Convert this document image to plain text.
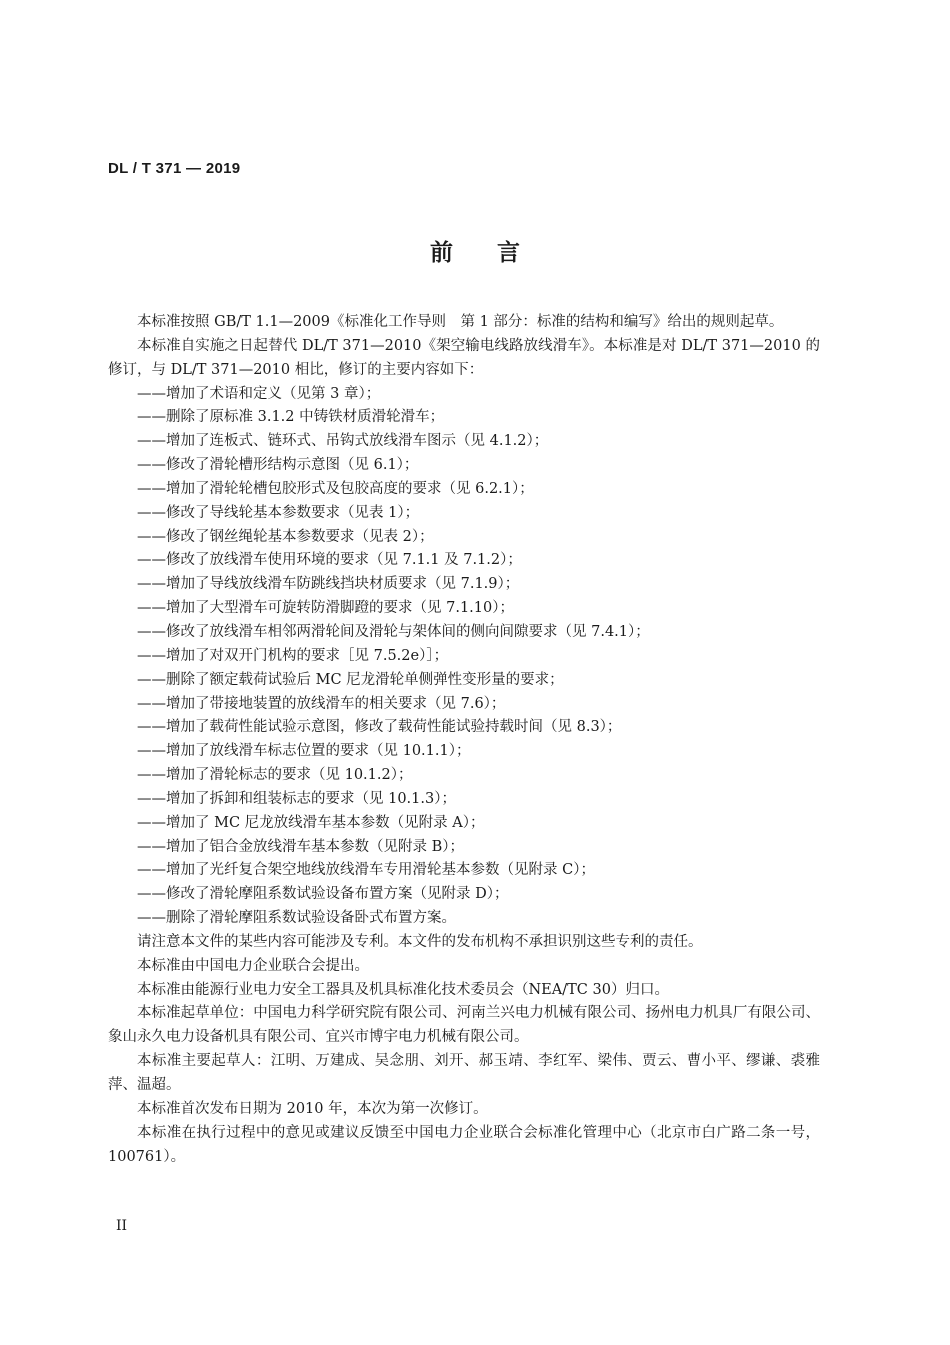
DL / T 371 — 2019
前言

本标准按照 GB/T 1.1—2009《标准化工作导则　第 1 部分：标准的结构和编写》给出的规则起草。

本标准自实施之日起替代 DL/T 371—2010《架空输电线路放线滑车》。本标准是对 DL/T 371—2010 的修订，与 DL/T 371—2010 相比，修订的主要内容如下：

——增加了术语和定义（见第 3 章）；

——删除了原标准 3.1.2 中铸铁材质滑轮滑车；

——增加了连板式、链环式、吊钩式放线滑车图示（见 4.1.2）；

——修改了滑轮槽形结构示意图（见 6.1）；

——增加了滑轮轮槽包胶形式及包胶高度的要求（见 6.2.1）；

——修改了导线轮基本参数要求（见表 1）；

——修改了钢丝绳轮基本参数要求（见表 2）；

——修改了放线滑车使用环境的要求（见 7.1.1 及 7.1.2）；

——增加了导线放线滑车防跳线挡块材质要求（见 7.1.9）；

——增加了大型滑车可旋转防滑脚蹬的要求（见 7.1.10）；

——修改了放线滑车相邻两滑轮间及滑轮与架体间的侧向间隙要求（见 7.4.1）；

——增加了对双开门机构的要求［见 7.5.2e）］；

——删除了额定载荷试验后 MC 尼龙滑轮单侧弹性变形量的要求；

——增加了带接地装置的放线滑车的相关要求（见 7.6）；

——增加了载荷性能试验示意图，修改了载荷性能试验持载时间（见 8.3）；

——增加了放线滑车标志位置的要求（见 10.1.1）；

——增加了滑轮标志的要求（见 10.1.2）；

——增加了拆卸和组装标志的要求（见 10.1.3）；

——增加了 MC 尼龙放线滑车基本参数（见附录 A）；

——增加了铝合金放线滑车基本参数（见附录 B）；

——增加了光纤复合架空地线放线滑车专用滑轮基本参数（见附录 C）；

——修改了滑轮摩阻系数试验设备布置方案（见附录 D）；

——删除了滑轮摩阻系数试验设备卧式布置方案。

请注意本文件的某些内容可能涉及专利。本文件的发布机构不承担识别这些专利的责任。

本标准由中国电力企业联合会提出。

本标准由能源行业电力安全工器具及机具标准化技术委员会（NEA/TC 30）归口。

本标准起草单位：中国电力科学研究院有限公司、河南兰兴电力机械有限公司、扬州电力机具厂有限公司、象山永久电力设备机具有限公司、宜兴市博宇电力机械有限公司。

本标准主要起草人：江明、万建成、吴念朋、刘开、郝玉靖、李红军、梁伟、贾云、曹小平、缪谦、裘雅萍、温超。

本标准首次发布日期为 2010 年，本次为第一次修订。

本标准在执行过程中的意见或建议反馈至中国电力企业联合会标准化管理中心（北京市白广路二条一号，100761）。

II
